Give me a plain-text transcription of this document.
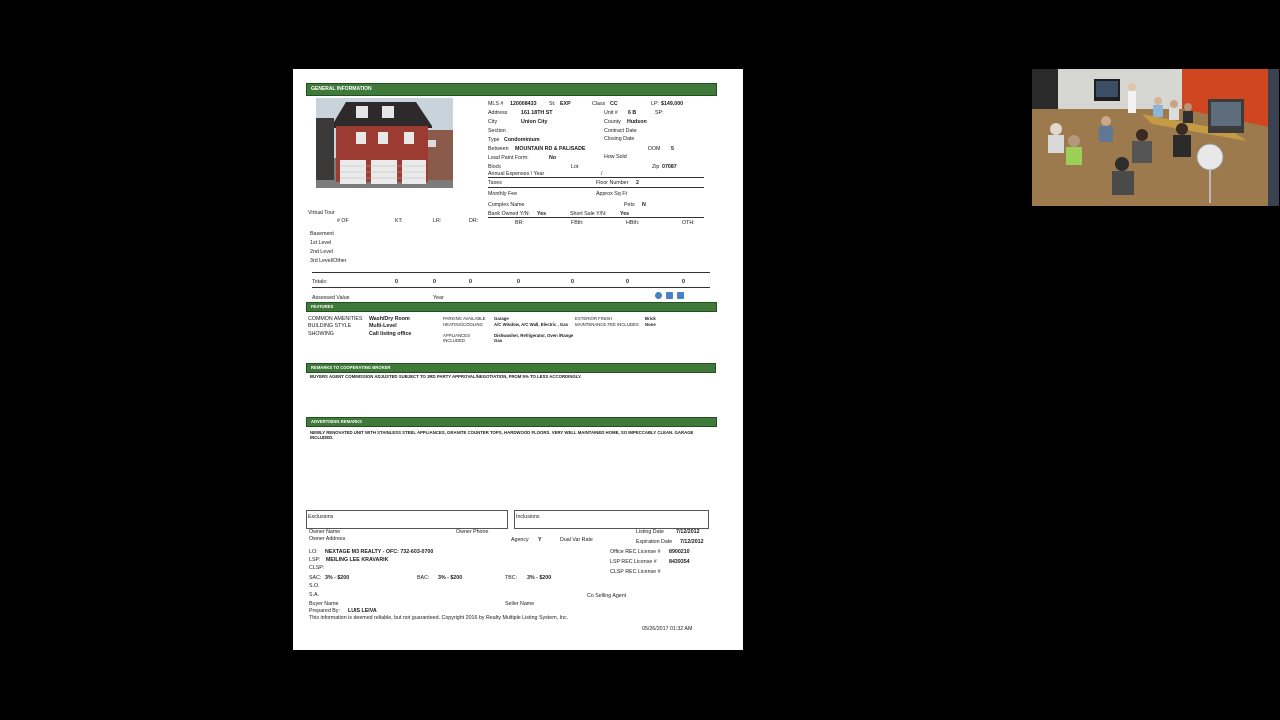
GENERAL INFORMATION
MLS # 120008433 St: EXP	Class CC	LP: $149,000
Address	161 18TH ST	Unit # 6 B	SP:
City	Union City	County Hudson
Section	Contract Date
Type Condominium	Closing Date
Between MOUNTAIN RD & PALISADE	DOM 5
Lead Paint Form:	No	How Sold
Block	Lot	Zip 07087
Annual Expenses / Year	/
Taxes	Floor Number 2
Monthly Fee	Approx Sq Ft
Complex Name	Pets N
Bank Owned Y/N: Yes	Short Sale Y/N:	Yes
Virtual Tour
# OF	KT:	LR:	DR:	BR:	FBth:	HBth:	OTH:
Basement
1st Level
2nd Level
3rd Level/Other
Totals:	0	0	0	0	0	0	0
Assessed Value	Year
FEATURES
COMMON AMENITIES Wash/Dry Room
BUILDING STYLE	Multi-Level
SHOWING	Call listing office
PARKING AVAILABLE Garage
HEATING/COOLING	A/C Window, A/C Wall, Electric , Gas
APPLIANCES INCLUDED
Dishwasher, Refrigerator, Oven /Range Gas
EXTERIOR FINISH	Brick
MAINTENANCE FEE INCLUDES None
REMARKS TO COOPERATING BROKER
BUYERS AGENT COMMISSION ADJUSTED SUBJECT TO 3RD PARTY APPROVAL/NEGOTIATION, FROM 5% TO LESS ACCORDINGLY.
ADVERTISING REMARKS
NEWLY RENOVATED UNIT WITH STAINLESS STEEL APPLIANCES, GRANITE COUNTER TOPS, HARDWOOD FLOORS. VERY WELL MAINTAINED HOME, SO IMPECCABLY CLEAN. GARAGE INCLUDED.
Exclusions	Inclusions
Owner Name	Owner Phone	Listing Date 7/12/2012
Owner Address	Agency Y	Dual Var Rate	Expiration Date 7/12/2012
LO: NEXTAGE M3 REALTY - OFC: 732-603-0700	Office REC License # 8900210
LSP: MEILING LEE KRAVARIK	LSP REC License # 8439354
CLSP:
CLSP REC License #
SAC: 3% - $200	BAC: 3% - $200	TBC: 3% - $200
S.O.
S.A.	Co Selling Agent
Buyer Name	Seller Name
Prepared By: LUIS LEIVA
This information is deemed reliable, but not guaranteed. Copyright 2016 by Realty Multiple Listing System, Inc.
05/26/2017 01:32 AM
